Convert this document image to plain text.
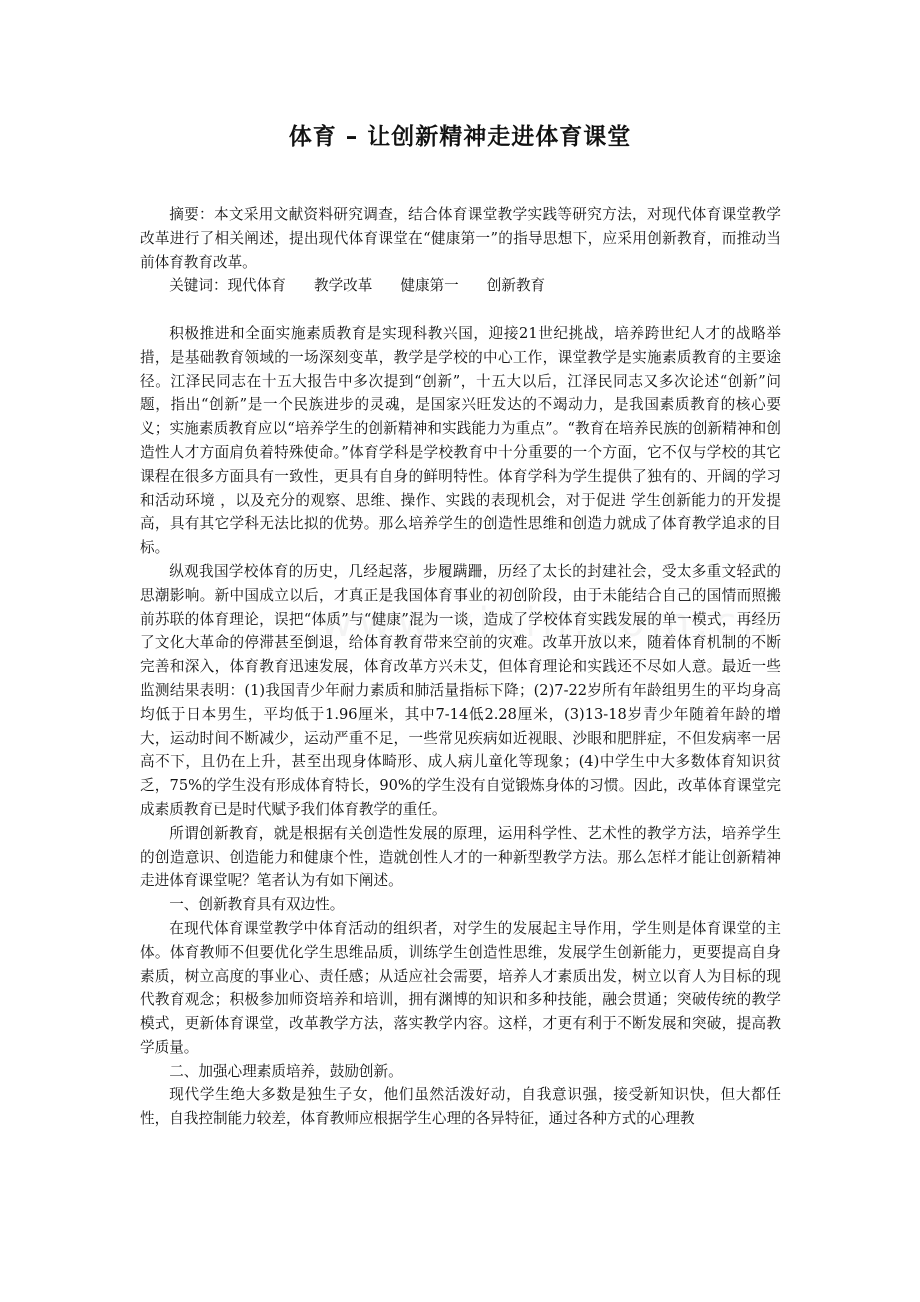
体育 – 让创新精神走进体育课堂

摘要：本文采用文献资料研究调查，结合体育课堂教学实践等研究方法，对现代体育课堂教学改革进行了相关阐述，提出现代体育课堂在“健康第一”的指导思想下，应采用创新教育，而推动当前体育教育改革。

关键词：现代体育 教学改革 健康第一 创新教育

积极推进和全面实施素质教育是实现科教兴国，迎接21世纪挑战，培养跨世纪人才的战略举措，是基础教育领域的一场深刻变革，教学是学校的中心工作，课堂教学是实施素质教育的主要途径。江泽民同志在十五大报告中多次提到“创新”，十五大以后，江泽民同志又多次论述“创新”问题，指出“创新”是一个民族进步的灵魂，是国家兴旺发达的不竭动力，是我国素质教育的核心要义；实施素质教育应以“培养学生的创新精神和实践能力为重点”。“教育在培养民族的创新精神和创造性人才方面肩负着特殊使命。”体育学科是学校教育中十分重要的一个方面，它不仅与学校的其它课程在很多方面具有一致性，更具有自身的鲜明特性。体育学科为学生提供了独有的、开阔的学习和活动环境 ，以及充分的观察、思维、操作、实践的表现机会，对于促进 学生创新能力的开发提高，具有其它学科无法比拟的优势。那么培养学生的创造性思维和创造力就成了体育教学追求的目标。

纵观我国学校体育的历史，几经起落，步履蹒跚，历经了太长的封建社会，受太多重文轻武的思潮影响。新中国成立以后，才真正是我国体育事业的初创阶段，由于未能结合自己的国情而照搬前苏联的体育理论，误把“体质”与“健康”混为一谈，造成了学校体育实践发展的单一模式，再经历了文化大革命的停滞甚至倒退，给体育教育带来空前的灾难。改革开放以来，随着体育机制的不断完善和深入，体育教育迅速发展，体育改革方兴未艾，但体育理论和实践还不尽如人意。最近一些监测结果表明：(1)我国青少年耐力素质和肺活量指标下降；(2)7-22岁所有年龄组男生的平均身高均低于日本男生，平均低于1.96厘米，其中7-14低2.28厘米，(3)13-18岁青少年随着年龄的增大，运动时间不断减少，运动严重不足，一些常见疾病如近视眼、沙眼和肥胖症，不但发病率一居高不下，且仍在上升，甚至出现身体畸形、成人病儿童化等现象；(4)中学生中大多数体育知识贫乏，75%的学生没有形成体育特长，90%的学生没有自觉锻炼身体的习惯。因此，改革体育课堂完成素质教育已是时代赋予我们体育教学的重任。

所谓创新教育，就是根据有关创造性发展的原理，运用科学性、艺术性的教学方法，培养学生的创造意识、创造能力和健康个性，造就创性人才的一种新型教学方法。那么怎样才能让创新精神走进体育课堂呢？笔者认为有如下阐述。

一、创新教育具有双边性。

在现代体育课堂教学中体育活动的组织者，对学生的发展起主导作用，学生则是体育课堂的主体。体育教师不但要优化学生思维品质，训练学生创造性思维，发展学生创新能力，更要提高自身素质，树立高度的事业心、责任感；从适应社会需要，培养人才素质出发，树立以育人为目标的现代教育观念；积极参加师资培养和培训，拥有渊博的知识和多种技能，融会贯通；突破传统的教学模式，更新体育课堂，改革教学方法，落实教学内容。这样，才更有利于不断发展和突破，提高教学质量。

二、加强心理素质培养，鼓励创新。

现代学生绝大多数是独生子女，他们虽然活泼好动，自我意识强，接受新知识快，但大都任性，自我控制能力较差，体育教师应根据学生心理的各异特征，通过各种方式的心理教
